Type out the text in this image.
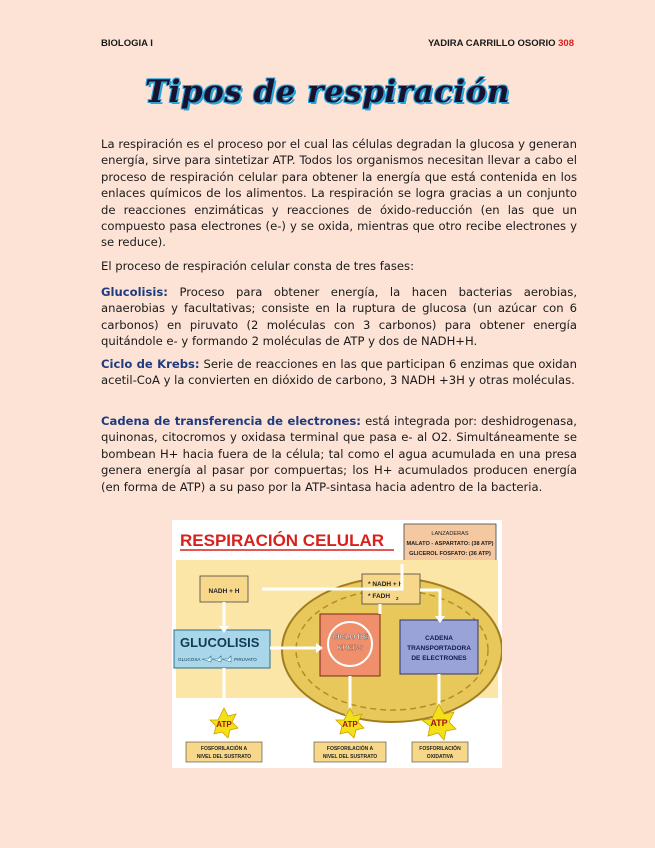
BIOLOGIA I	YADIRA CARRILLO OSORIO 308
Tipos de respiración
La respiración es el proceso por el cual las células degradan la glucosa y generan energía, sirve para sintetizar ATP. Todos los organismos necesitan llevar a cabo el proceso de respiración celular para obtener la energía que está contenida en los enlaces químicos de los alimentos. La respiración se logra gracias a un conjunto de reacciones enzimáticas y reacciones de óxido-reducción (en las que un compuesto pasa electrones (e-) y se oxida, mientras que otro recibe electrones y se reduce).
El proceso de respiración celular consta de tres fases:
Glucolisis: Proceso para obtener energía, la hacen bacterias aerobias, anaerobias y facultativas; consiste en la ruptura de glucosa (un azúcar con 6 carbonos) en piruvato (2 moléculas con 3 carbonos) para obtener energía quitándole e- y formando 2 moléculas de ATP y dos de NADH+H.
Ciclo de Krebs: Serie de reacciones en las que participan 6 enzimas que oxidan acetil-CoA y la convierten en dióxido de carbono, 3 NADH +3H y otras moléculas.
Cadena de transferencia de electrones: está integrada por: deshidrogenasa, quinonas, citocromos y oxidasa terminal que pasa e- al O2. Simultáneamente se bombean H+ hacia fuera de la célula; tal como el agua acumulada en una presa genera energía al pasar por compuertas; los H+ acumulados producen energía (en forma de ATP) a su paso por la ATP-sintasa hacia adentro de la bacteria.
RESPIRACIÓN CELULAR	LANZADERAS
MALATO - ASPARTATO: (38 ATP)
GLICEROL FOSFATO: (36 ATP)
NADH + H
* NADH + H
* FADH 2
GLUCOLISIS
GLUCOSA	PIRUVATO
CICLO DE
KREBS
CADENA
TRANSPORTADORA
DE ELECTRONES
ATP	ATP	ATP
FOSFORILACIÓN A
NIVEL DEL SUSTRATO
FOSFORILACIÓN A
NIVEL DEL SUSTRATO
FOSFORILACIÓN
OXIDATIVA
